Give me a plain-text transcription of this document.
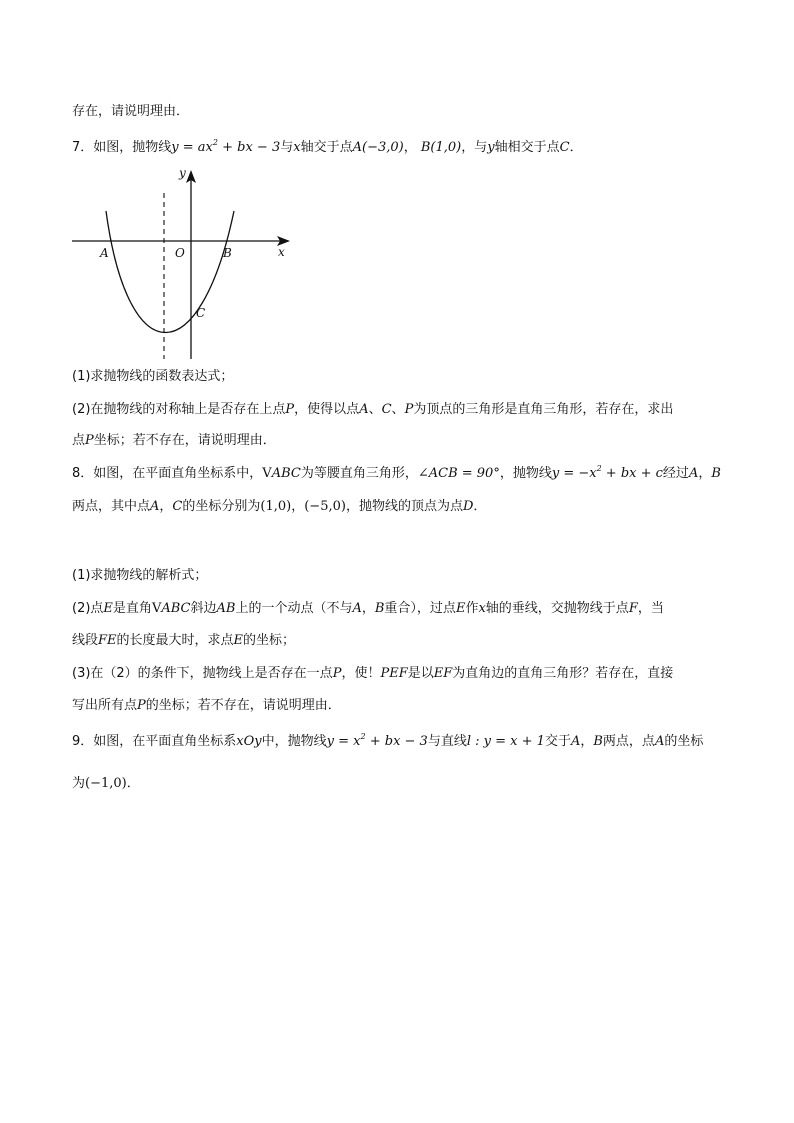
存在，请说明理由．
7．如图，抛物线$y = ax^2$ + bx − 3与x轴交于点A(−3,0)， B(1,0)，与y轴相交于点C．
y
x
O
A	B
C
(1)求抛物线的函数表达式；
(2)在抛物线的对称轴上是否存在上点P，使得以点A、C、P为顶点的三角形是直角三角形，若存在，求出
点P坐标；若不存在，请说明理由．
8．如图，在平面直角坐标系中，VABC为等腰直角三角形，∠ACB = 90°，抛物线$y = -x^2$ + bx + c经过A，B
两点，其中点A，C的坐标分别为(1,0)，(−5,0)，抛物线的顶点为点D．
(1)求抛物线的解析式；
(2)点E是直角VABC斜边AB上的一个动点（不与A，B重合），过点E作x轴的垂线，交抛物线于点F，当
线段FE的长度最大时，求点E的坐标；
(3)在（2）的条件下，抛物线上是否存在一点P，使！PEF是以EF为直角边的直角三角形？若存在，直接
写出所有点P的坐标；若不存在，请说明理由．
9．如图，在平面直角坐标系xOy中，抛物线$y = x^2$ + bx − 3与直线l : y = x + 1交于A，B两点，点A的坐标
为(−1,0)．
